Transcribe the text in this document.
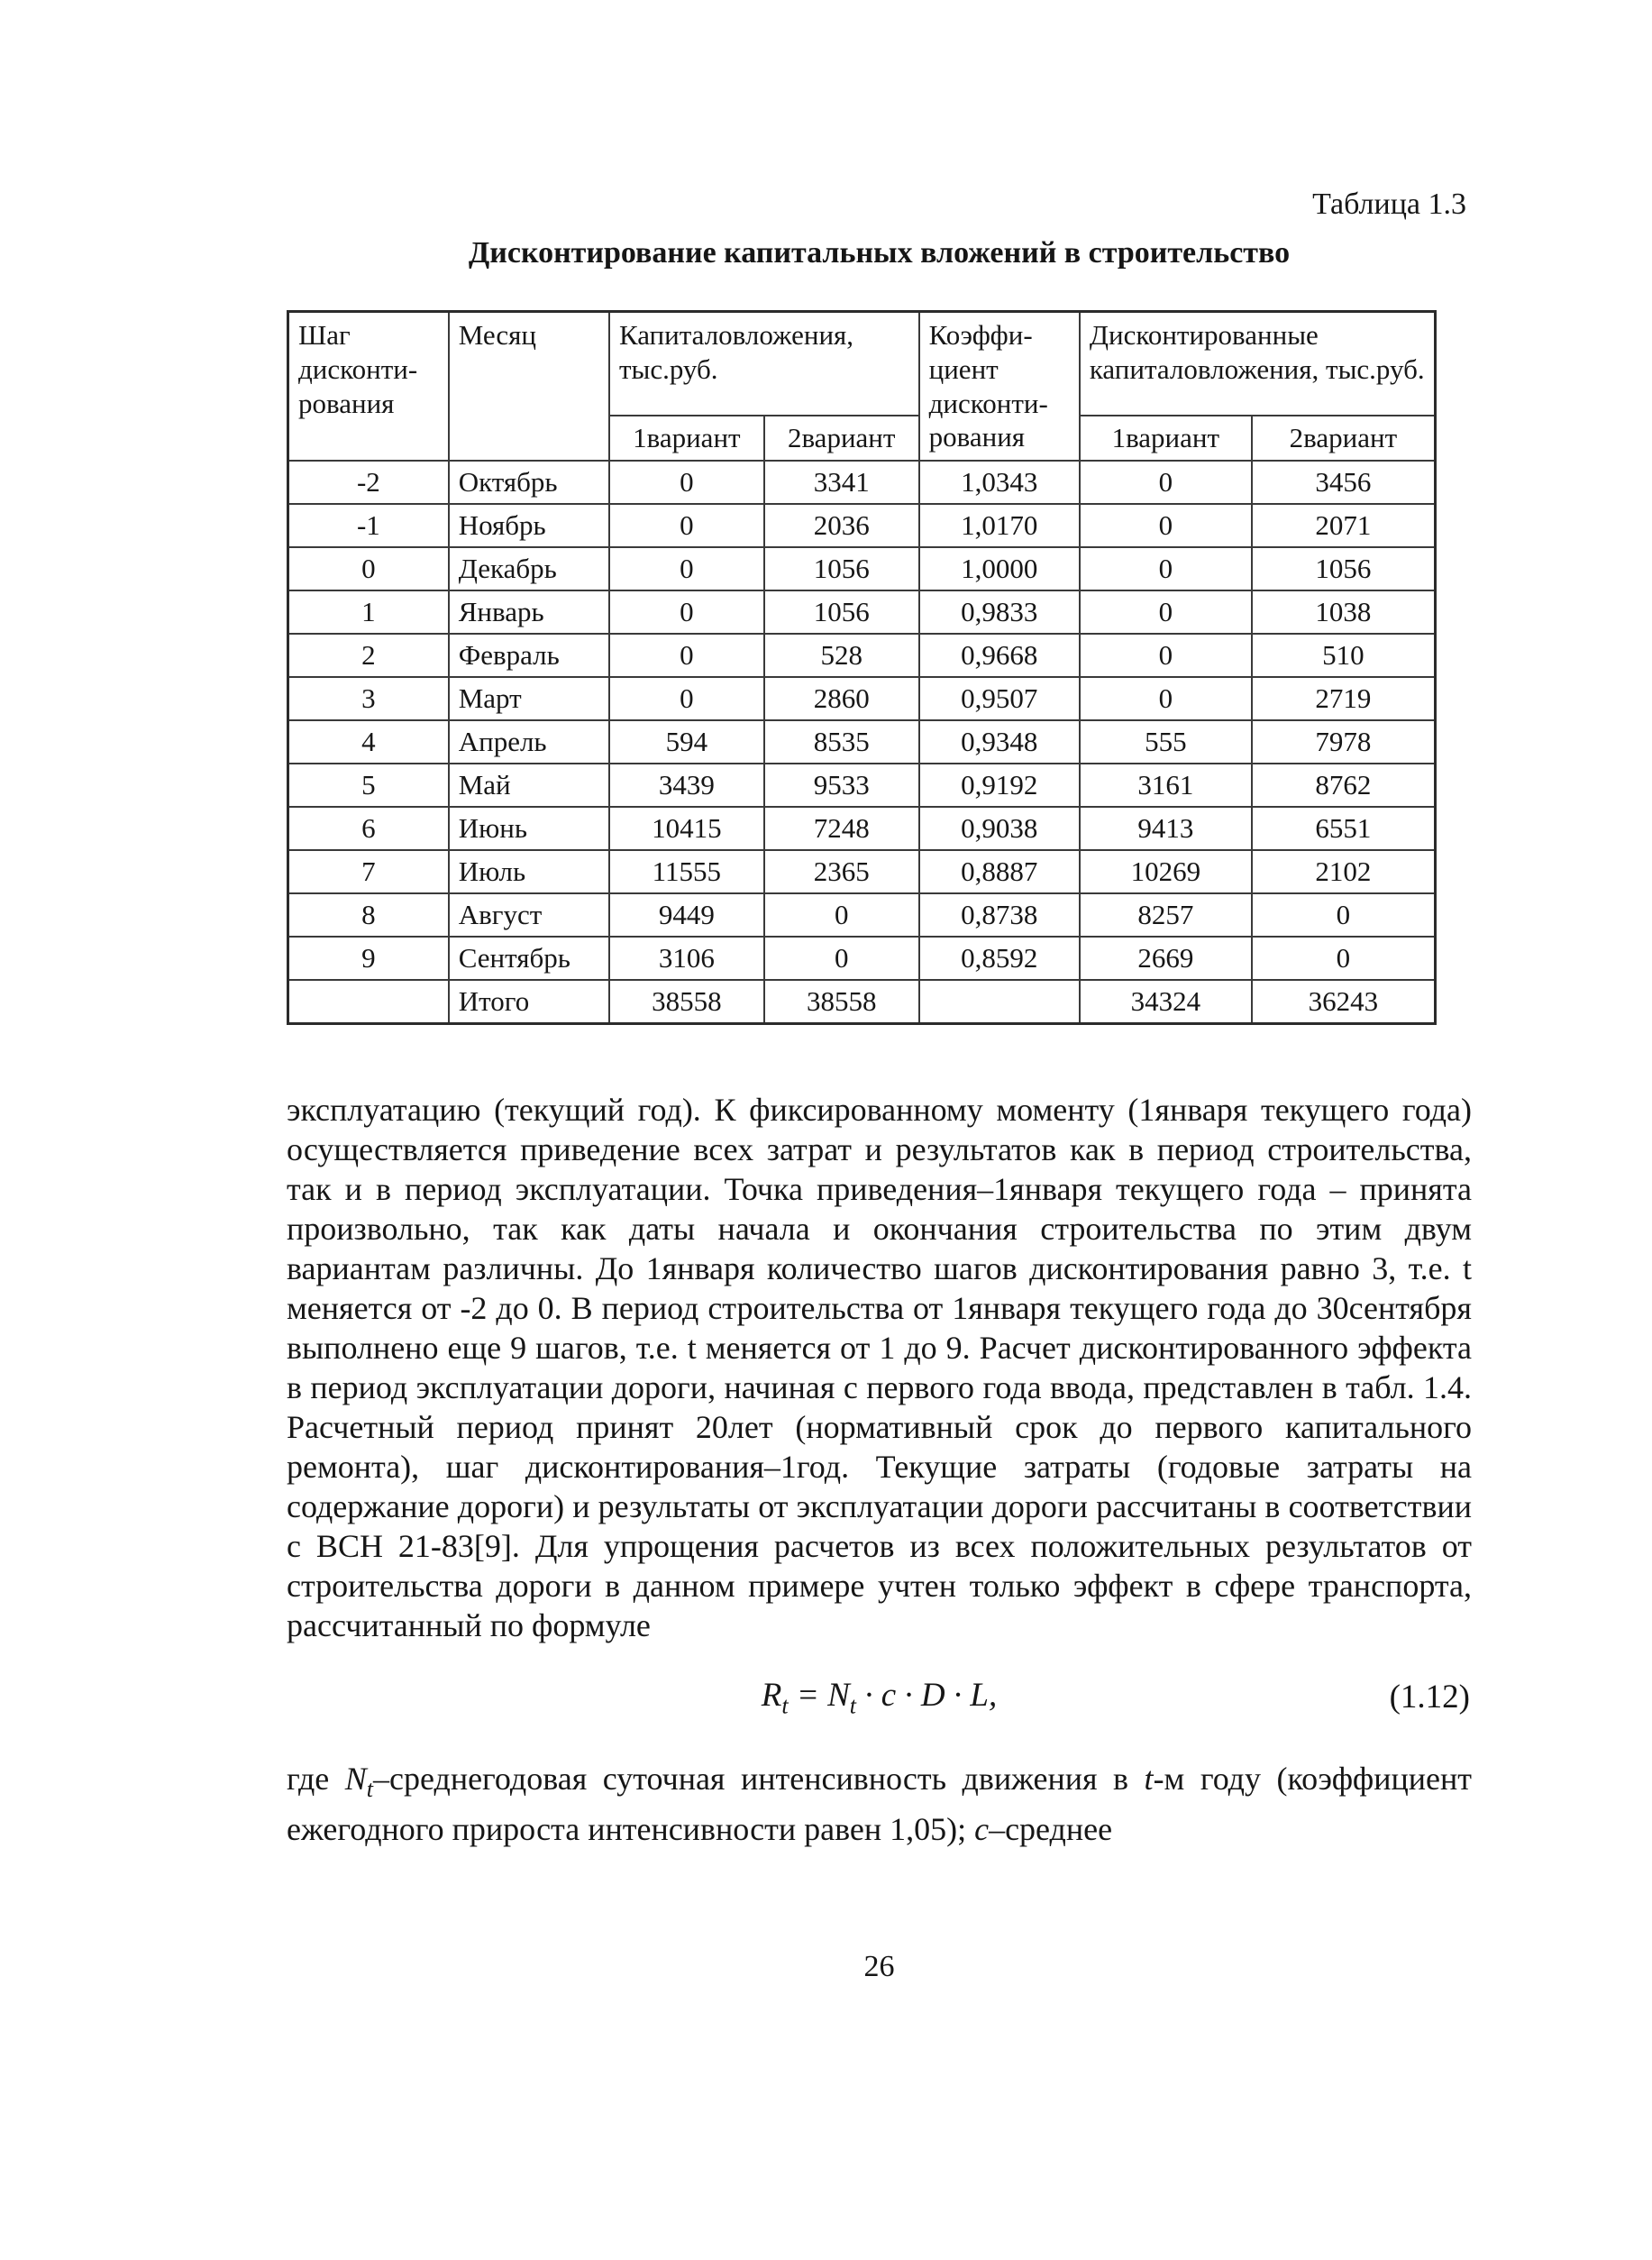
Таблица 1.3
Дисконтирование капитальных вложений в строительство
Шаг дисконти-рования	Месяц	Капиталовложения, тыс.руб.		Коэффи-циент дисконти-рования	Дисконтированные капиталовложения, тыс.руб.	
		1вариант	2вариант		1вариант	2вариант
-2	Октябрь	0	3341	1,0343	0	3456
-1	Ноябрь	0	2036	1,0170	0	2071
0	Декабрь	0	1056	1,0000	0	1056
1	Январь	0	1056	0,9833	0	1038
2	Февраль	0	528	0,9668	0	510
3	Март	0	2860	0,9507	0	2719
4	Апрель	594	8535	0,9348	555	7978
5	Май	3439	9533	0,9192	3161	8762
6	Июнь	10415	7248	0,9038	9413	6551
7	Июль	11555	2365	0,8887	10269	2102
8	Август	9449	0	0,8738	8257	0
9	Сентябрь	3106	0	0,8592	2669	0
	Итого	38558	38558		34324	36243

эксплуатацию (текущий год). К фиксированному моменту (1января текущего года) осуществляется приведение всех затрат и результатов как в период строительства, так и в период эксплуатации. Точка приведения–1января текущего года – принята произвольно, так как даты начала и окончания строительства по этим двум вариантам различны. До 1января количество шагов дисконтирования равно 3, т.е. t меняется от -2 до 0. В период строительства от 1января текущего года до 30сентября выполнено еще 9 шагов, т.е. t меняется от 1 до 9. Расчет дисконтированного эффекта в период эксплуатации дороги, начиная с первого года ввода, представлен в табл. 1.4. Расчетный период принят 20лет (нормативный срок до первого капитального ремонта), шаг дисконтирования–1год. Текущие затраты (годовые затраты на содержание дороги) и результаты от эксплуатации дороги рассчитаны в соответствии с ВСН 21-83[9]. Для упрощения расчетов из всех положительных результатов от строительства дороги в данном примере учтен только эффект в сфере транспорта, рассчитанный по формуле

$R_t = N_t \cdot c \cdot D \cdot L$,	(1.12)

где $N_t$–среднегодовая суточная интенсивность движения в t-м году (коэффициент ежегодного прироста интенсивности равен 1,05); c–среднее

26
